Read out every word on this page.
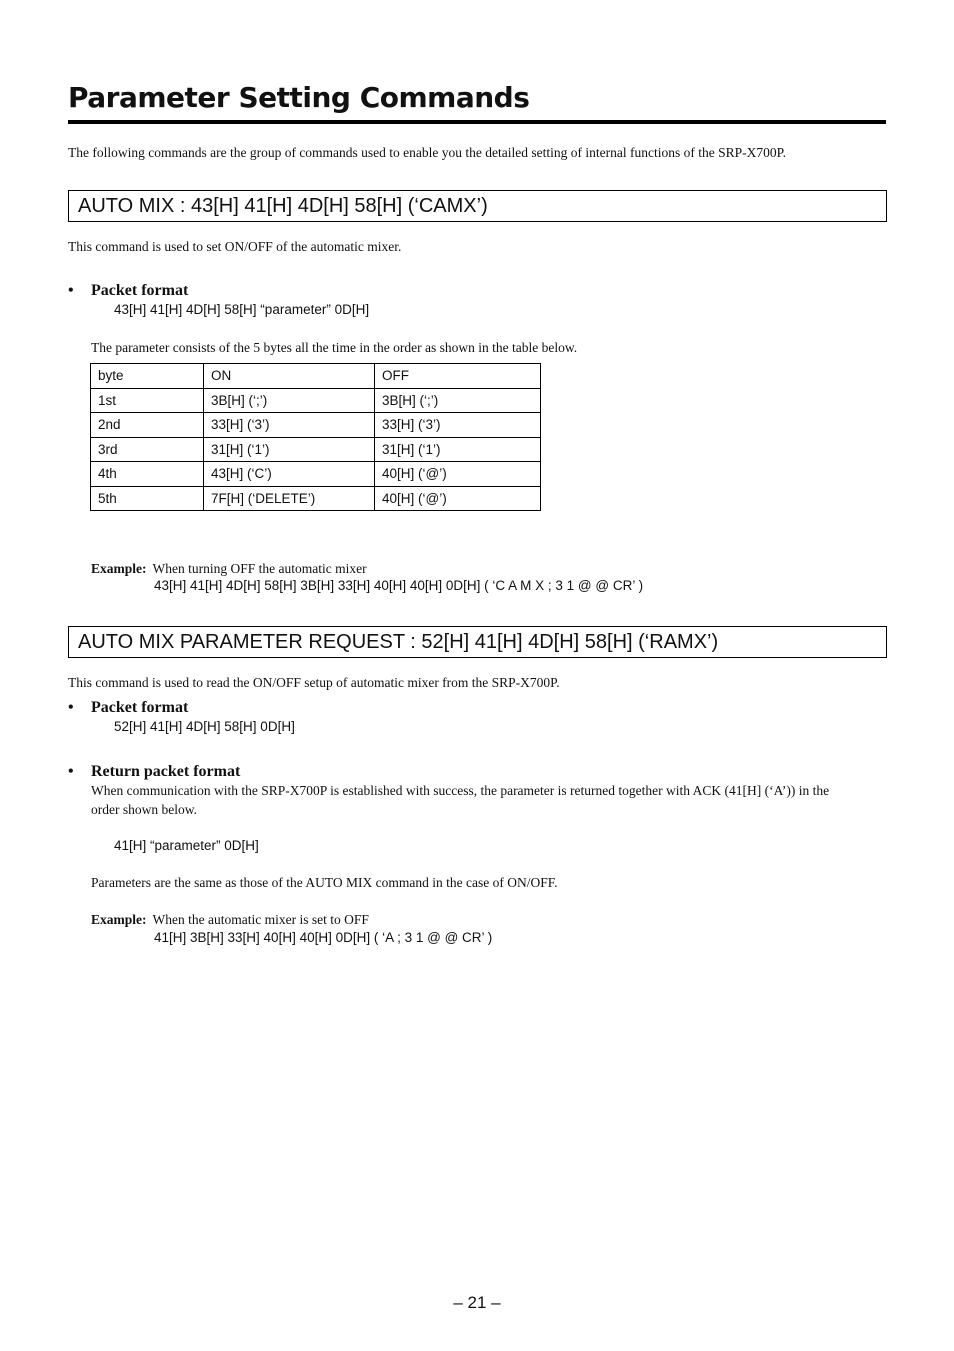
Parameter Setting Commands
The following commands are the group of commands used to enable you the detailed setting of internal functions of the SRP-X700P.
AUTO MIX : 43[H] 41[H] 4D[H] 58[H] (‘CAMX’)
This command is used to set ON/OFF of the automatic mixer.
• Packet format
43[H] 41[H] 4D[H] 58[H] “parameter” 0D[H]
The parameter consists of the 5 bytes all the time in the order as shown in the table below.
byte	ON	OFF
1st	3B[H] (‘;’)	3B[H] (‘;’)
2nd	33[H] (‘3’)	33[H] (‘3’)
3rd	31[H] (‘1’)	31[H] (‘1’)
4th	43[H] (‘C’)	40[H] (‘@’)
5th	7F[H] (‘DELETE’)	40[H] (‘@’)
Example: When turning OFF the automatic mixer
43[H] 41[H] 4D[H] 58[H] 3B[H] 33[H] 40[H] 40[H] 0D[H] ( ‘C A M X ; 3 1 @ @ CR’ )
AUTO MIX PARAMETER REQUEST : 52[H] 41[H] 4D[H] 58[H] (‘RAMX’)
This command is used to read the ON/OFF setup of automatic mixer from the SRP-X700P.
• Packet format
52[H] 41[H] 4D[H] 58[H] 0D[H]
• Return packet format
When communication with the SRP-X700P is established with success, the parameter is returned together with ACK (41[H] (‘A’)) in the
order shown below.
41[H] “parameter” 0D[H]
Parameters are the same as those of the AUTO MIX command in the case of ON/OFF.
Example: When the automatic mixer is set to OFF
41[H] 3B[H] 33[H] 40[H] 40[H] 0D[H] ( ‘A ; 3 1 @ @ CR’ )
– 21 –
